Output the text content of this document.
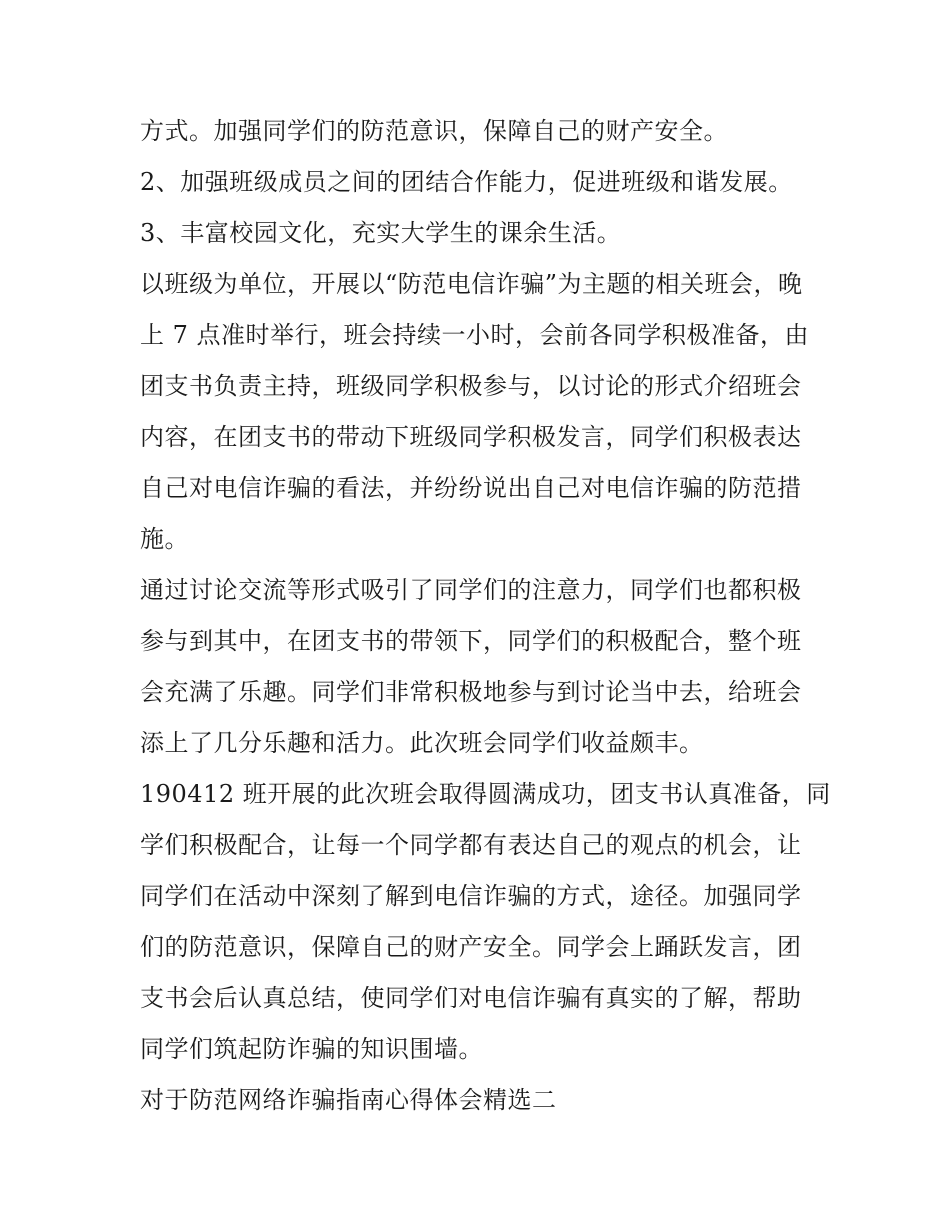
方式。加强同学们的防范意识，保障自己的财产安全。
2、加强班级成员之间的团结合作能力，促进班级和谐发展。
3、丰富校园文化，充实大学生的课余生活。
以班级为单位，开展以“防范电信诈骗”为主题的相关班会，晚
上 7 点准时举行，班会持续一小时，会前各同学积极准备，由
团支书负责主持，班级同学积极参与，以讨论的形式介绍班会
内容，在团支书的带动下班级同学积极发言，同学们积极表达
自己对电信诈骗的看法，并纷纷说出自己对电信诈骗的防范措
施。
通过讨论交流等形式吸引了同学们的注意力，同学们也都积极
参与到其中，在团支书的带领下，同学们的积极配合，整个班
会充满了乐趣。同学们非常积极地参与到讨论当中去，给班会
添上了几分乐趣和活力。此次班会同学们收益颇丰。
190412 班开展的此次班会取得圆满成功，团支书认真准备，同
学们积极配合，让每一个同学都有表达自己的观点的机会，让
同学们在活动中深刻了解到电信诈骗的方式，途径。加强同学
们的防范意识，保障自己的财产安全。同学会上踊跃发言，团
支书会后认真总结，使同学们对电信诈骗有真实的了解，帮助
同学们筑起防诈骗的知识围墙。
对于防范网络诈骗指南心得体会精选二
